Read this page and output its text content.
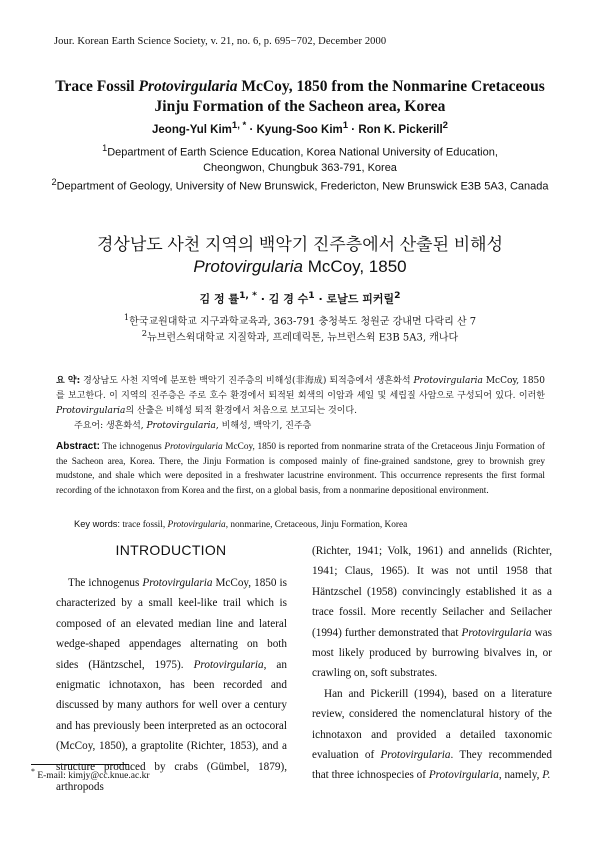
Jour. Korean Earth Science Society, v. 21, no. 6, p. 695−702, December 2000
Trace Fossil Protovirgularia McCoy, 1850 from the Nonmarine Cretaceous
Jinju Formation of the Sacheon area, Korea
Jeong-Yul Kim$^{1, *}$ · Kyung-Soo Kim$^1$ · Ron K. Pickerill$^2$
$^1$Department of Earth Science Education, Korea National University of Education,
Cheongwon, Chungbuk 363-791, Korea
$^2$Department of Geology, University of New Brunswick, Fredericton, New Brunswick E3B 5A3, Canada
경상남도 사천 지역의 백악기 진주층에서 산출된 비해성
Protovirgularia McCoy, 1850
김 정 률$^{1, *}$ · 김 경 수$^1$ · 로날드 피커릴$^2$
$^1$한국교원대학교 지구과학교육과, 363-791 충청북도 청원군 강내면 다락리 산 7
$^2$뉴브런스윅대학교 지질학과, 프레데릭톤, 뉴브런스윅 E3B 5A3, 캐나다
요 약: 경상남도 사천 지역에 분포한 백악기 진주층의 비해성(非海成) 퇴적층에서 생흔화석 Protovirgularia McCoy, 1850를 보고한다. 이 지역의 진주층은 주로 호수 환경에서 퇴적된 회색의 이암과 셰일 및 세립질 사암으로 구성되어 있다. 이러한 Protovirgularia의 산출은 비해성 퇴적 환경에서 처음으로 보고되는 것이다.
주요어: 생흔화석, Protovirgularia, 비해성, 백악기, 진주층
Abstract: The ichnogenus Protovirgularia McCoy, 1850 is reported from nonmarine strata of the Cretaceous Jinju Formation of the Sacheon area, Korea. There, the Jinju Formation is composed mainly of fine-grained sandstone, grey to brownish grey mudstone, and shale which were deposited in a freshwater lacustrine environment. This occurrence represents the first formal recording of the ichnotaxon from Korea and the first, on a global basis, from a nonmarine depositional environment.
Key words: trace fossil, Protovirgularia, nonmarine, Cretaceous, Jinju Formation, Korea
INTRODUCTION

The ichnogenus Protovirgularia McCoy, 1850 is characterized by a small keel-like trail which is composed of an elevated median line and lateral wedge-shaped appendages alternating on both sides (Häntzschel, 1975). Protovirgularia, an enigmatic ichnotaxon, has been recorded and discussed by many authors for well over a century and has previously been interpreted as an octocoral (McCoy, 1850), a graptolite (Richter, 1853), and a structure produced by crabs (Gümbel, 1879), arthropods

(Richter, 1941; Volk, 1961) and annelids (Richter, 1941; Claus, 1965). It was not until 1958 that Häntzschel (1958) convincingly established it as a trace fossil. More recently Seilacher and Seilacher (1994) further demonstrated that Protovirgularia was most likely produced by burrowing bivalves in, or crawling on, soft substrates.

Han and Pickerill (1994), based on a literature review, considered the nomenclatural history of the ichnotaxon and provided a detailed taxonomic evaluation of Protovirgularia. They recommended that three ichnospecies of Protovirgularia, namely, P.

* E-mail: kimjy@cc.knue.ac.kr
